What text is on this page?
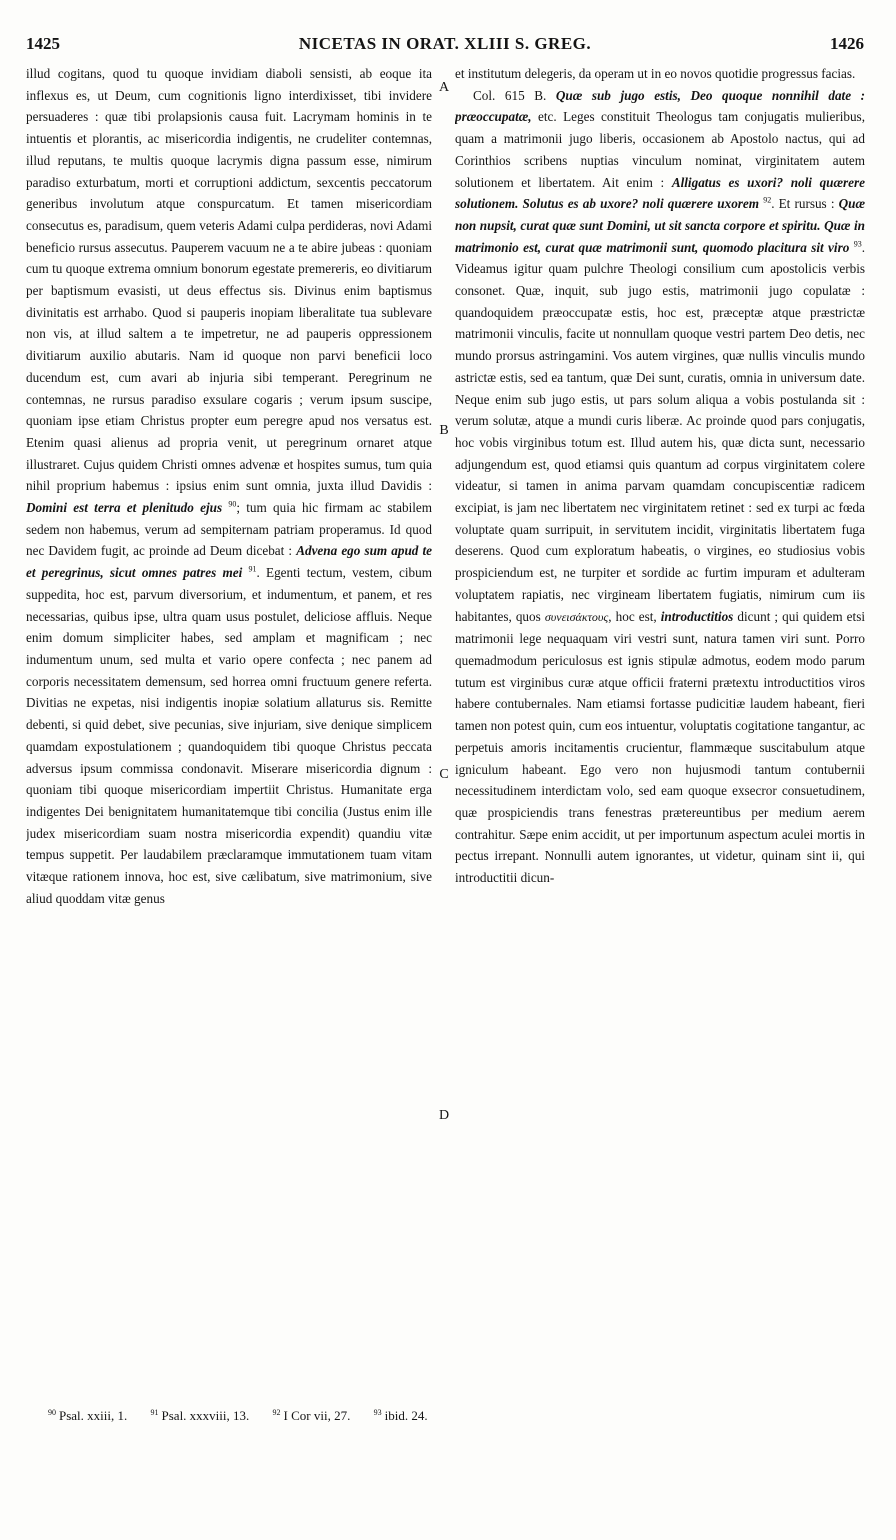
1425	NICETAS IN ORAT. XLIII S. GREG.	1426

illud cogitans, quod tu quoque invidiam diaboli sensisti, ab eoque ita inflexus es, ut Deum, cum cognitionis ligno interdixisset, tibi invidere persuaderes : quæ tibi prolapsionis causa fuit. Lacrymam hominis in te intuentis et plorantis, ac misericordia indigentis, ne crudeliter contemnas, illud reputans, te multis quoque lacrymis digna passum esse, nimirum paradiso exturbatum, morti et corruptioni addictum, sexcentis peccatorum generibus involutum atque conspurcatum. Et tamen misericordiam consecutus es, paradisum, quem veteris Adami culpa perdideras, novi Adami beneficio rursus assecutus. Pauperem vacuum ne a te abire jubeas : quoniam cum tu quoque extrema omnium bonorum egestate premereris, eo divitiarum per baptismum evasisti, ut deus effectus sis. Divinus enim baptismus divinitatis est arrhabo. Quod si pauperis inopiam liberalitate tua sublevare non vis, at illud saltem a te impetretur, ne ad pauperis oppressionem divitiarum auxilio abutaris. Nam id quoque non parvi beneficii loco ducendum est, cum avari ab injuria sibi temperant. Peregrinum ne contemnas, ne rursus paradiso exsulare cogaris ; verum ipsum suscipe, quoniam ipse etiam Christus propter eum peregre apud nos versatus est. Etenim quasi alienus ad propria venit, ut peregrinum ornaret atque illustraret. Cujus quidem Christi omnes advenæ et hospites sumus, tum quia nihil proprium habemus : ipsius enim sunt omnia, juxta illud Davidis : Domini est terra et plenitudo ejus $^{90}$; tum quia hic firmam ac stabilem sedem non habemus, verum ad sempiternam patriam properamus. Id quod nec Davidem fugit, ac proinde ad Deum dicebat : Advena ego sum apud te et peregrinus, sicut omnes patres mei $^{91}$. Egenti tectum, vestem, cibum suppedita, hoc est, parvum diversorium, et indumentum, et panem, et res necessarias, quibus ipse, ultra quam usus postulet, deliciose affluis. Neque enim domum simpliciter habes, sed amplam et magnificam ; nec indumentum unum, sed multa et vario opere confecta ; nec panem ad corporis necessitatem demensum, sed horrea omni fructuum genere referta. Divitias ne expetas, nisi indigentis inopiæ solatium allaturus sis. Remitte debenti, si quid debet, sive pecunias, sive injuriam, sive denique simplicem quamdam expostulationem ; quandoquidem tibi quoque Christus peccata adversus ipsum commissa condonavit. Miserare misericordia dignum : quoniam tibi quoque misericordiam impertiit Christus. Humanitate erga indigentes Dei benignitatem humanitatemque tibi concilia (Justus enim ille judex misericordiam suam nostra misericordia expendit) quandiu vitæ tempus suppetit. Per laudabilem præclaramque immutationem tuam vitam vitæque rationem innova, hoc est, sive cælibatum, sive matrimonium, sive aliud quoddam vitæ genus

A
B
C
D

et institutum delegeris, da operam ut in eo novos quotidie progressus facias.

Col. 615 B. Quæ sub jugo estis, Deo quoque nonnihil date : præoccupatæ, etc. Leges constituit Theologus tam conjugatis mulieribus, quam a matrimonii jugo liberis, occasionem ab Apostolo nactus, qui ad Corinthios scribens nuptias vinculum nominat, virginitatem autem solutionem et libertatem. Ait enim : Alligatus es uxori? noli quærere solutionem. Solutus es ab uxore? noli quærere uxorem $^{92}$. Et rursus : Quæ non nupsit, curat quæ sunt Domini, ut sit sancta corpore et spiritu. Quæ in matrimonio est, curat quæ matrimonii sunt, quomodo placitura sit viro $^{93}$. Videamus igitur quam pulchre Theologi consilium cum apostolicis verbis consonet. Quæ, inquit, sub jugo estis, matrimonii jugo copulatæ : quandoquidem præoccupatæ estis, hoc est, præceptæ atque præstrictæ matrimonii vinculis, facite ut nonnullam quoque vestri partem Deo detis, nec mundo prorsus astringamini. Vos autem virgines, quæ nullis vinculis mundo astrictæ estis, sed ea tantum, quæ Dei sunt, curatis, omnia in universum date. Neque enim sub jugo estis, ut pars solum aliqua a vobis postulanda sit : verum solutæ, atque a mundi curis liberæ. Ac proinde quod pars conjugatis, hoc vobis virginibus totum est. Illud autem his, quæ dicta sunt, necessario adjungendum est, quod etiamsi quis quantum ad corpus virginitatem colere videatur, si tamen in anima parvam quamdam concupiscentiæ radicem excipiat, is jam nec libertatem nec virginitatem retinet : sed ex turpi ac fœda voluptate quam surripuit, in servitutem incidit, virginitatis libertatem fuga deserens. Quod cum exploratum habeatis, o virgines, eo studiosius vobis prospiciendum est, ne turpiter et sordide ac furtim impuram et adulteram voluptatem rapiatis, nec virgineam libertatem fugiatis, nimirum cum iis habitantes, quos συνεισάκτους, hoc est, introductitios dicunt ; qui quidem etsi matrimonii lege nequaquam viri vestri sunt, natura tamen viri sunt. Porro quemadmodum periculosus est ignis stipulæ admotus, eodem modo parum tutum est virginibus curæ atque officii fraterni prætextu introductitios viros habere contubernales. Nam etiamsi fortasse pudicitiæ laudem habeant, fieri tamen non potest quin, cum eos intuentur, voluptatis cogitatione tangantur, ac perpetuis amoris incitamentis crucientur, flammæque suscitabulum atque igniculum habeant. Ego vero non hujusmodi tantum contubernii necessitudinem interdictam volo, sed eam quoque exsecror consuetudinem, quæ prospiciendis trans fenestras prætereuntibus per medium aerem contrahitur. Sæpe enim accidit, ut per importunum aspectum aculei mortis in pectus irrepant. Nonnulli autem ignorantes, ut videtur, quinam sint ii, qui introductitii dicun-

$^{90}$ Psal. xxiii, 1.	$^{91}$ Psal. xxxviii, 13.	$^{92}$ I Cor vii, 27.	$^{93}$ ibid. 24.
